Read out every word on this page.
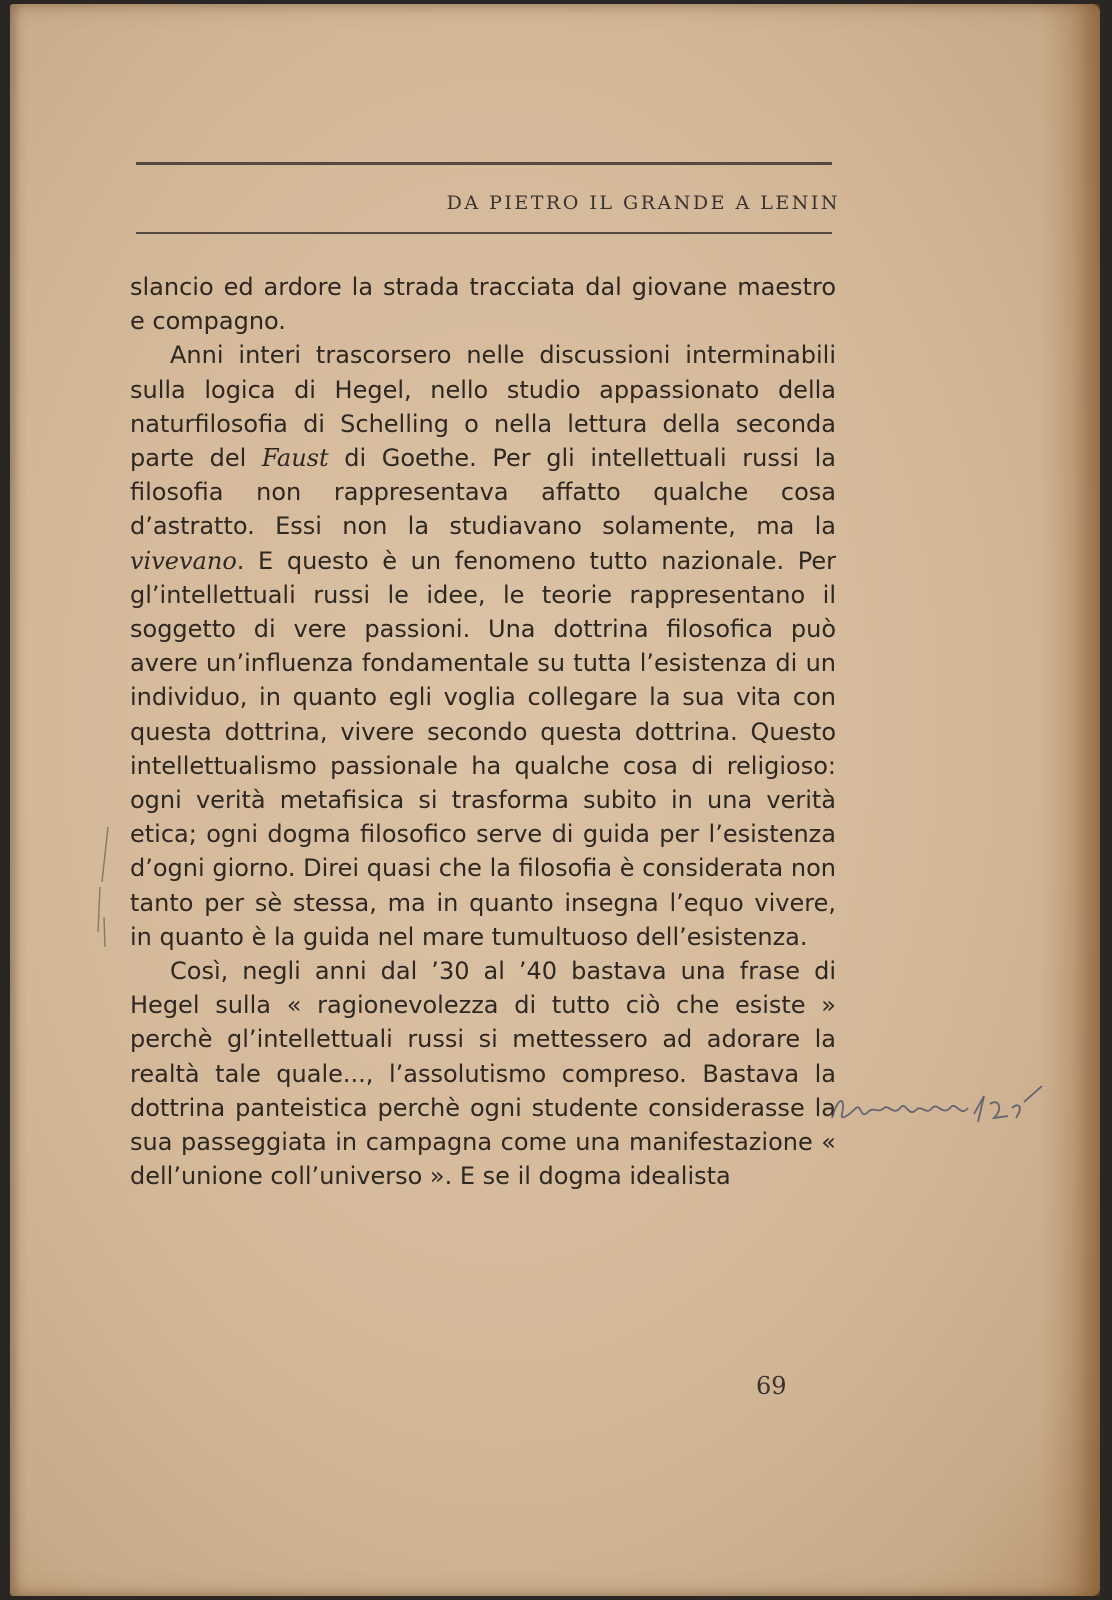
DA PIETRO IL GRANDE A LENIN

slancio ed ardore la strada tracciata dal giovane maestro e compagno.

Anni interi trascorsero nelle discussioni interminabili sulla logica di Hegel, nello studio appassionato della naturfilosofia di Schelling o nella lettura della seconda parte del Faust di Goethe. Per gli intellettuali russi la filosofia non rappresentava affatto qualche cosa d’astratto. Essi non la studiavano solamente, ma la vivevano. E questo è un fenomeno tutto nazionale. Per gl’intellettuali russi le idee, le teorie rappresentano il soggetto di vere passioni. Una dottrina filosofica può avere un’influenza fondamentale su tutta l’esistenza di un individuo, in quanto egli voglia collegare la sua vita con questa dottrina, vivere secondo questa dottrina. Questo intellettualismo passionale ha qualche cosa di religioso: ogni verità metafisica si trasforma subito in una verità etica; ogni dogma filosofico serve di guida per l’esistenza d’ogni giorno. Direi quasi che la filosofia è considerata non tanto per sè stessa, ma in quanto insegna l’equo vivere, in quanto è la guida nel mare tumultuoso dell’esistenza.

Così, negli anni dal ’30 al ’40 bastava una frase di Hegel sulla « ragionevolezza di tutto ciò che esiste » perchè gl’intellettuali russi si mettessero ad adorare la realtà tale quale..., l’assolutismo compreso. Bastava la dottrina panteistica perchè ogni studente considerasse la sua passeggiata in campagna come una manifestazione « dell’unione coll’universo ». E se il dogma idealista

69
